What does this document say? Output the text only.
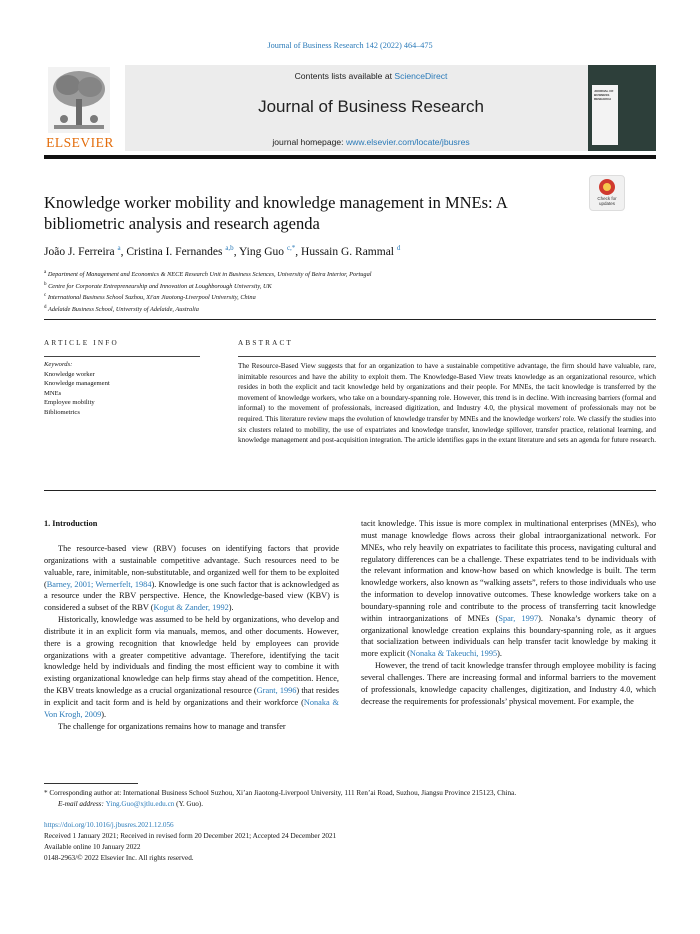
Journal of Business Research 142 (2022) 464–475
ELSEVIER
Contents lists available at ScienceDirect
Journal of Business Research
journal homepage: www.elsevier.com/locate/jbusres
JOURNAL OF BUSINESS RESEARCH
Knowledge worker mobility and knowledge management in MNEs: A bibliometric analysis and research agenda
Check for updates
João J. Ferreira $^a$, Cristina I. Fernandes $^{a,b}$, Ying Guo $^{c,*}$, Hussain G. Rammal $^d$
$^a$ Department of Management and Economics & NECE Research Unit in Business Sciences, University of Beira Interior, Portugal
$^b$ Centre for Corporate Entrepreneurship and Innovation at Loughborough University, UK
$^c$ International Business School Suzhou, Xi'an Jiaotong-Liverpool University, China
$^d$ Adelaide Business School, University of Adelaide, Australia
ARTICLE INFO	ABSTRACT
Keywords:
Knowledge worker
Knowledge management
MNEs
Employee mobility
Bibliometrics
The Resource-Based View suggests that for an organization to have a sustainable competitive advantage, the firm should have valuable, rare, inimitable resources and have the ability to exploit them. The Knowledge-Based View treats knowledge as an organizational resource, which resides in both the explicit and tacit knowledge held by organizations and their people. For MNEs, the tacit knowledge is transferred by the movement of knowledge workers, who take on a boundary-spanning role. However, this trend is in decline. With increasing barriers (formal and informal) to the movement of professionals, increased digitization, and Industry 4.0, the physical movement of professionals may not be required. This literature review maps the evolution of knowledge transfer by MNEs and the knowledge workers' role. We classify the studies into six clusters related to mobility, the use of expatriates and knowledge transfer, knowledge spillover, transfer practice, relational learning, and knowledge management and post-acquisition integration. The article identifies gaps in the extant literature and sets an agenda for future research.
1. Introduction

The resource-based view (RBV) focuses on identifying factors that provide organizations with a sustainable competitive advantage. Such resources need to be valuable, rare, inimitable, non-substitutable, and organized well for them to be exploited (Barney, 2001; Wernerfelt, 1984). Knowledge is one such factor that is acknowledged as a resource under the RBV perspective. Hence, the Knowledge-based view (KBV) is considered a subset of the RBV (Kogut & Zander, 1992).

Historically, knowledge was assumed to be held by organizations, who develop and distribute it in an explicit form via manuals, memos, and other documents. However, there is a growing recognition that knowledge held by employees can provide organizations with a greater competitive advantage. Therefore, identifying the tacit knowledge held by individuals and finding the most efficient way to combine it with existing organizational knowledge can help firms stay ahead of the competition. Hence, the KBV treats knowledge as a crucial organizational resource (Grant, 1996) that resides in explicit and tacit form and is held by organizations and their workforce (Nonaka & Von Krogh, 2009).

The challenge for organizations remains how to manage and transfer

tacit knowledge. This issue is more complex in multinational enterprises (MNEs), who must manage knowledge flows across their global intraorganizational network. For MNEs, who rely heavily on expatriates to facilitate this process, navigating cultural and regulatory differences can be a challenge. These expatriates tend to be individuals with the relevant information and know-how based on which knowledge is built. The term knowledge workers, also known as “walking assets”, refers to those individuals who use the information to develop innovative outcomes. These knowledge workers take on a boundary-spanning role and contribute to the process of transferring tacit knowledge within intraorganizations of MNEs (Spar, 1997). Nonaka’s dynamic theory of organizational knowledge creation explains this boundary-spanning role, as it argues that socialization between individuals can help transfer tacit knowledge by making it more explicit (Nonaka & Takeuchi, 1995).

However, the trend of tacit knowledge transfer through employee mobility is facing several challenges. There are increasing formal and informal barriers to the movement of professionals, knowledge capacity challenges, digitization, and Industry 4.0, which decrease the requirements for professionals’ physical movement. For example, the

* Corresponding author at: International Business School Suzhou, Xi’an Jiaotong-Liverpool University, 111 Ren’ai Road, Suzhou, Jiangsu Province 215123, China.
E-mail address: Ying.Guo@xjtlu.edu.cn (Y. Guo).
https://doi.org/10.1016/j.jbusres.2021.12.056
Received 1 January 2021; Received in revised form 20 December 2021; Accepted 24 December 2021
Available online 10 January 2022
0148-2963/© 2022 Elsevier Inc. All rights reserved.
